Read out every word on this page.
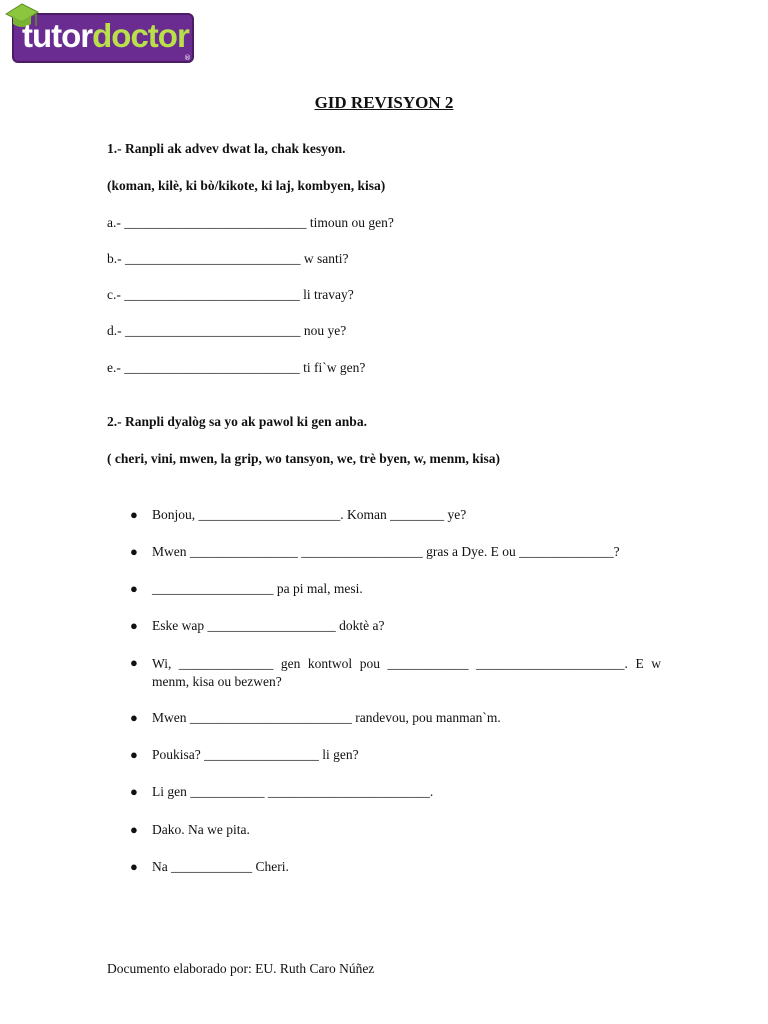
tutordoctor
®
GID REVISYON 2
1.- Ranpli ak advev dwat la, chak kesyon.
(koman, kilè, ki bò/kikote, ki laj, kombyen, kisa)
a.- ___________________________ timoun ou gen?
b.- __________________________ w santi?
c.- __________________________ li travay?
d.- __________________________ nou ye?
e.- __________________________ ti fi`w gen?
2.- Ranpli dyalòg sa yo ak pawol ki gen anba.
( cheri, vini, mwen, la grip, wo tansyon, we, trè byen, w, menm, kisa)
● Bonjou, _____________________. Koman ________ ye?
● Mwen ________________ __________________ gras a Dye. E ou ______________?
● __________________ pa pi mal, mesi.
● Eske wap ___________________ doktè a?
● Wi, ______________ gen kontwol pou ____________ ______________________. E w menm, kisa ou bezwen?
● Mwen ________________________ randevou, pou manman`m.
● Poukisa? _________________ li gen?
● Li gen ___________ ________________________.
● Dako. Na we pita.
● Na ____________ Cheri.
Documento elaborado por: EU. Ruth Caro Núñez
